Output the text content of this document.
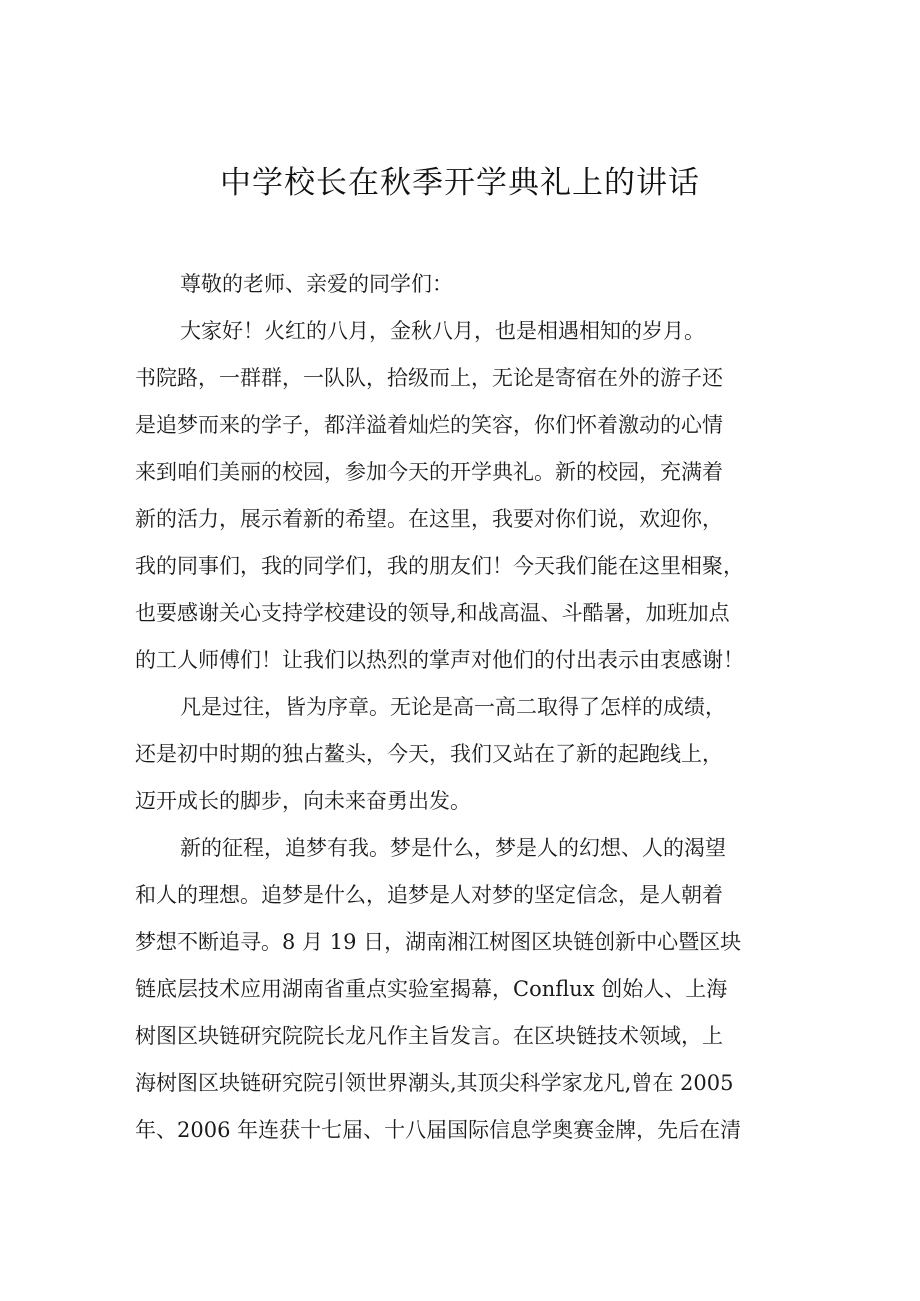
中学校长在秋季开学典礼上的讲话

尊敬的老师、亲爱的同学们：

大家好！火红的八月，金秋八月，也是相遇相知的岁月。

书院路，一群群，一队队，拾级而上，无论是寄宿在外的游子还

是追梦而来的学子，都洋溢着灿烂的笑容，你们怀着激动的心情

来到咱们美丽的校园，参加今天的开学典礼。新的校园，充满着

新的活力，展示着新的希望。在这里，我要对你们说，欢迎你，

我的同事们，我的同学们，我的朋友们！今天我们能在这里相聚，

也要感谢关心支持学校建设的领导,和战高温、斗酷暑，加班加点

的工人师傅们！让我们以热烈的掌声对他们的付出表示由衷感谢！

凡是过往，皆为序章。无论是高一高二取得了怎样的成绩，

还是初中时期的独占鳌头，今天，我们又站在了新的起跑线上，

迈开成长的脚步，向未来奋勇出发。

新的征程，追梦有我。梦是什么，梦是人的幻想、人的渴望

和人的理想。追梦是什么，追梦是人对梦的坚定信念，是人朝着

梦想不断追寻。8 月 19 日，湖南湘江树图区块链创新中心暨区块

链底层技术应用湖南省重点实验室揭幕，Conflux 创始人、上海

树图区块链研究院院长龙凡作主旨发言。在区块链技术领域，上

海树图区块链研究院引领世界潮头,其顶尖科学家龙凡,曾在 2005

年、2006 年连获十七届、十八届国际信息学奥赛金牌，先后在清
